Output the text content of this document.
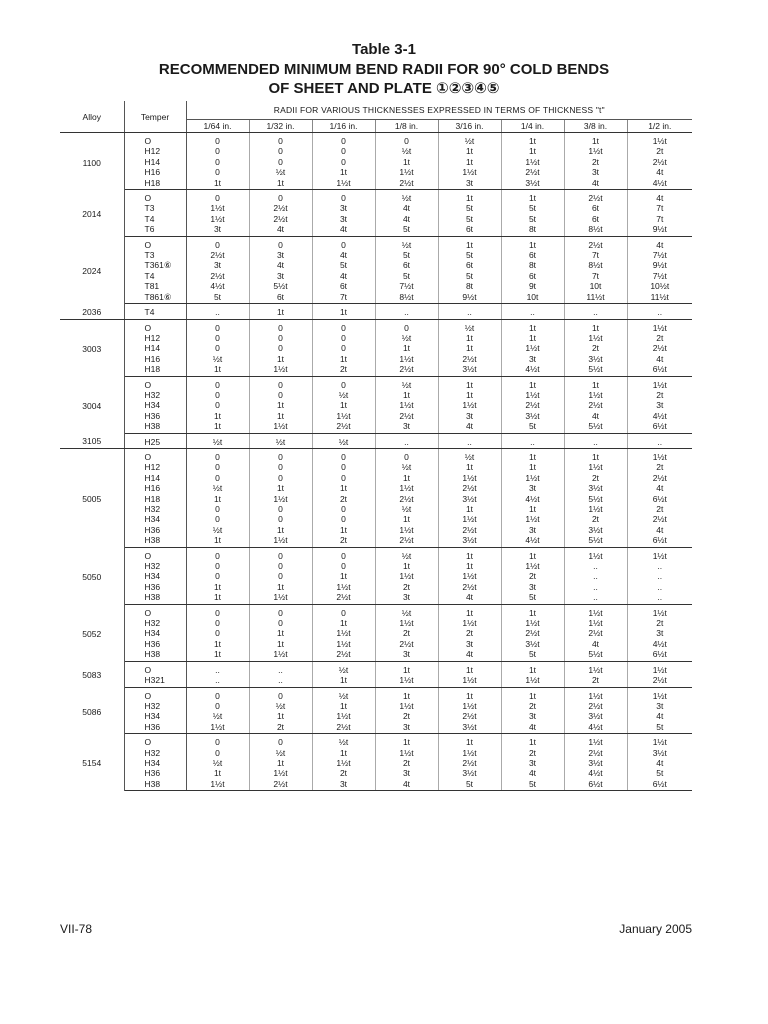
Table 3-1
RECOMMENDED MINIMUM BEND RADII FOR 90° COLD BENDS
OF SHEET AND PLATE ①②③④⑤
Alloy	Temper	RADII FOR VARIOUS THICKNESSES EXPRESSED IN TERMS OF THICKNESS "t"							
		1/64 in.	1/32 in.	1/16 in.	1/8 in.	3/16 in.	1/4 in.	3/8 in.	1/2 in.
1100	O	0	0	0	0	½t	1t	1t	1½t
	H12	0	0	0	½t	1t	1t	1½t	2t
	H14	0	0	0	1t	1t	1½t	2t	2½t
	H16	0	½t	1t	1½t	1½t	2½t	3t	4t
	H18	1t	1t	1½t	2½t	3t	3½t	4t	4½t
2014	O	0	0	0	½t	1t	1t	2½t	4t
	T3	1½t	2½t	3t	4t	5t	5t	6t	7t
	T4	1½t	2½t	3t	4t	5t	5t	6t	7t
	T6	3t	4t	4t	5t	6t	8t	8½t	9½t
2024	O	0	0	0	½t	1t	1t	2½t	4t
	T3	2½t	3t	4t	5t	5t	6t	7t	7½t
	T361⑥	3t	4t	5t	6t	6t	8t	8½t	9½t
	T4	2½t	3t	4t	5t	5t	6t	7t	7½t
	T81	4½t	5½t	6t	7½t	8t	9t	10t	10½t
	T861⑥	5t	6t	7t	8½t	9½t	10t	11½t	11½t
2036	T4	..	1t	1t	..	..	..	..	..
3003	O	0	0	0	0	½t	1t	1t	1½t
	H12	0	0	0	½t	1t	1t	1½t	2t
	H14	0	0	0	1t	1t	1½t	2t	2½t
	H16	½t	1t	1t	1½t	2½t	3t	3½t	4t
	H18	1t	1½t	2t	2½t	3½t	4½t	5½t	6½t
3004	O	0	0	0	½t	1t	1t	1t	1½t
	H32	0	0	½t	1t	1t	1½t	1½t	2t
	H34	0	1t	1t	1½t	1½t	2½t	2½t	3t
	H36	1t	1t	1½t	2½t	3t	3½t	4t	4½t
	H38	1t	1½t	2½t	3t	4t	5t	5½t	6½t
3105	H25	½t	½t	½t	..	..	..	..	..
5005	O	0	0	0	0	½t	1t	1t	1½t
	H12	0	0	0	½t	1t	1t	1½t	2t
	H14	0	0	0	1t	1½t	1½t	2t	2½t
	H16	½t	1t	1t	1½t	2½t	3t	3½t	4t
	H18	1t	1½t	2t	2½t	3½t	4½t	5½t	6½t
	H32	0	0	0	½t	1t	1t	1½t	2t
	H34	0	0	0	1t	1½t	1½t	2t	2½t
	H36	½t	1t	1t	1½t	2½t	3t	3½t	4t
	H38	1t	1½t	2t	2½t	3½t	4½t	5½t	6½t
5050	O	0	0	0	½t	1t	1t	1½t	1½t
	H32	0	0	0	1t	1t	1½t	..	..
	H34	0	0	1t	1½t	1½t	2t	..	..
	H36	1t	1t	1½t	2t	2½t	3t	..	..
	H38	1t	1½t	2½t	3t	4t	5t	..	..
5052	O	0	0	0	½t	1t	1t	1½t	1½t
	H32	0	0	1t	1½t	1½t	1½t	1½t	2t
	H34	0	1t	1½t	2t	2t	2½t	2½t	3t
	H36	1t	1t	1½t	2½t	3t	3½t	4t	4½t
	H38	1t	1½t	2½t	3t	4t	5t	5½t	6½t
5083	O	..	..	½t	1t	1t	1t	1½t	1½t
	H321	..	..	1t	1½t	1½t	1½t	2t	2½t
5086	O	0	0	½t	1t	1t	1t	1½t	1½t
	H32	0	½t	1t	1½t	1½t	2t	2½t	3t
	H34	½t	1t	1½t	2t	2½t	3t	3½t	4t
	H36	1½t	2t	2½t	3t	3½t	4t	4½t	5t
5154	O	0	0	½t	1t	1t	1t	1½t	1½t
	H32	0	½t	1t	1½t	1½t	2t	2½t	3½t
	H34	½t	1t	1½t	2t	2½t	3t	3½t	4t
	H36	1t	1½t	2t	3t	3½t	4t	4½t	5t
	H38	1½t	2½t	3t	4t	5t	5t	6½t	6½t
VII-78	January 2005
